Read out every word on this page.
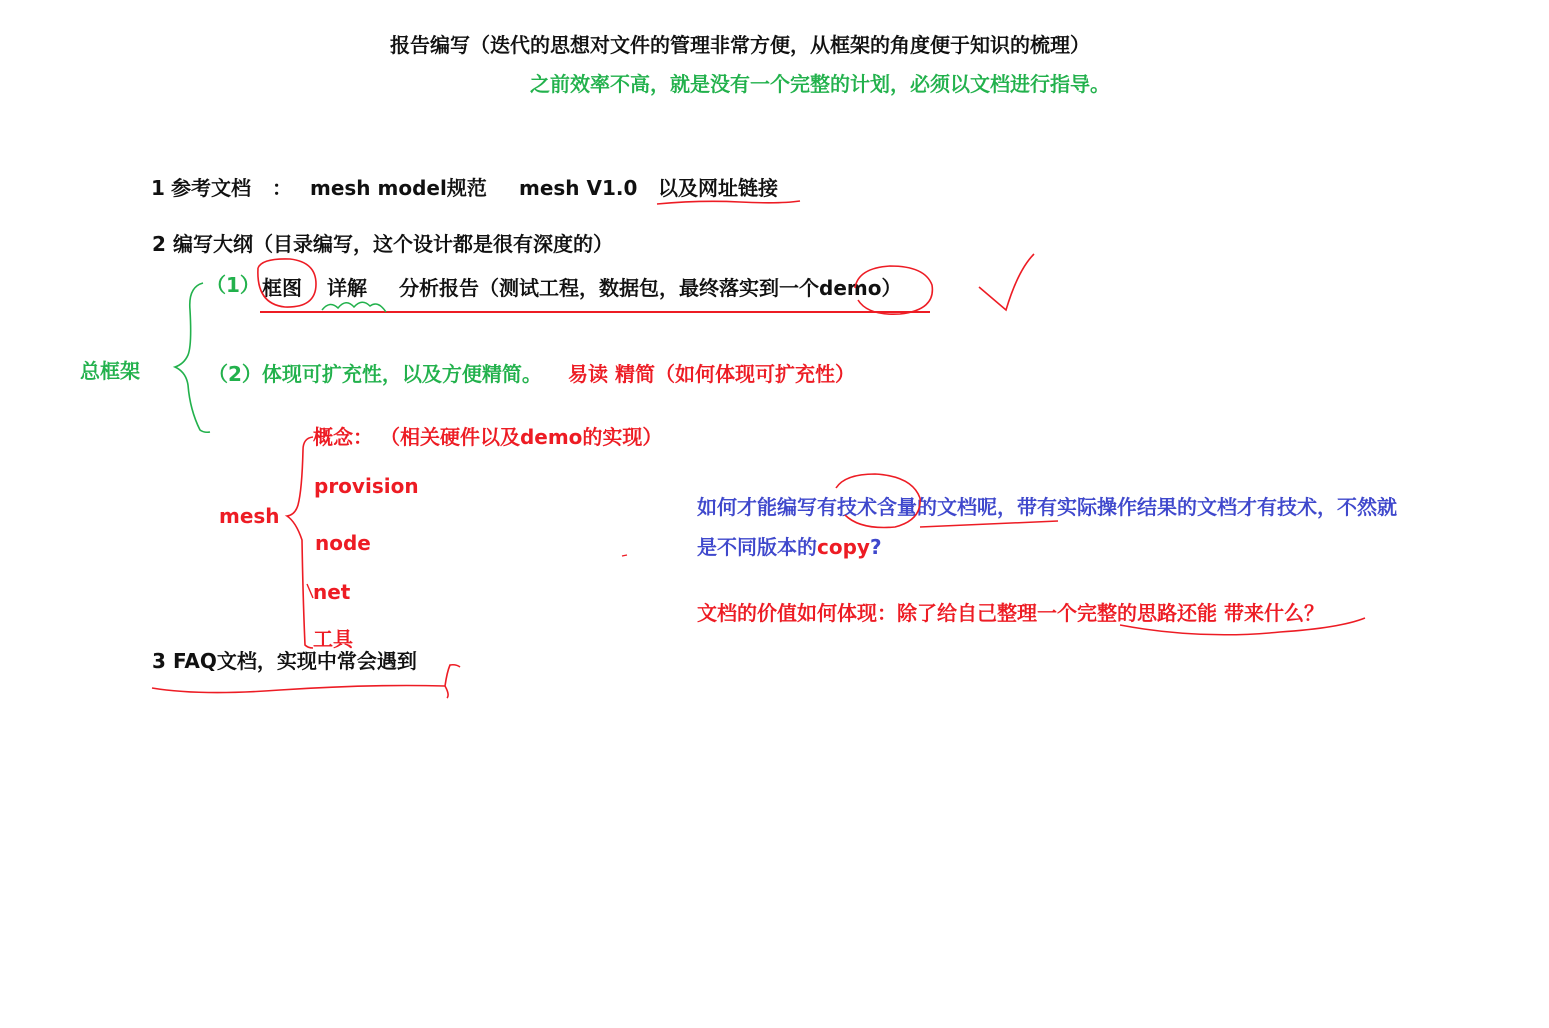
报告编写（迭代的思想对文件的管理非常方便，从框架的角度便于知识的梳理）
之前效率不高，就是没有一个完整的计划，必须以文档进行指导。
1 参考文档 ： mesh model规范 mesh V1.0 以及网址链接
2 编写大纲（目录编写，这个设计都是很有深度的）
总框架
（1） 框图 详解 分析报告（测试工程，数据包，最终落实到一个demo）
（2）体现可扩充性，以及方便精简。 易读 精简（如何体现可扩充性）
mesh
概念： （相关硬件以及demo的实现）
provision
node
net
工具
3 FAQ文档，实现中常会遇到
如何才能编写有技术含量的文档呢，带有实际操作结果的文档才有技术，不然就
是不同版本的copy?
文档的价值如何体现：除了给自己整理一个完整的思路还能 带来什么？
